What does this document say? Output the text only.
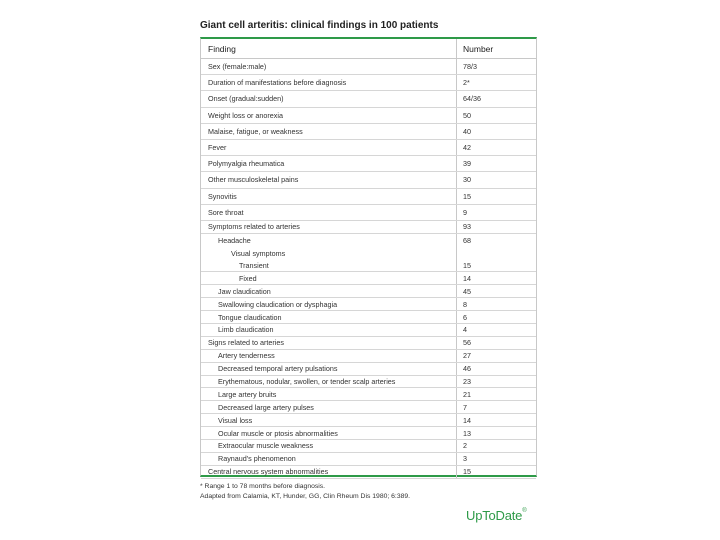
Giant cell arteritis: clinical findings in 100 patients
Finding	Number
Sex (female:male)	78/3
Duration of manifestations before diagnosis	2*
Onset (gradual:sudden)	64/36
Weight loss or anorexia	50
Malaise, fatigue, or weakness	40
Fever	42
Polymyalgia rheumatica	39
Other musculoskeletal pains	30
Synovitis	15
Sore throat	9
Symptoms related to arteries	93
Headache	68
Visual symptoms
Transient	15
Fixed	14
Jaw claudication	45
Swallowing claudication or dysphagia	8
Tongue claudication	6
Limb claudication	4
Signs related to arteries	56
Artery tenderness	27
Decreased temporal artery pulsations	46
Erythematous, nodular, swollen, or tender scalp arteries	23
Large artery bruits	21
Decreased large artery pulses	7
Visual loss	14
Ocular muscle or ptosis abnormalities	13
Extraocular muscle weakness	2
Raynaud's phenomenon	3
Central nervous system abnormalities	15
* Range 1 to 78 months before diagnosis.
Adapted from Calamia, KT, Hunder, GG, Clin Rheum Dis 1980; 6:389.
UpToDate®
